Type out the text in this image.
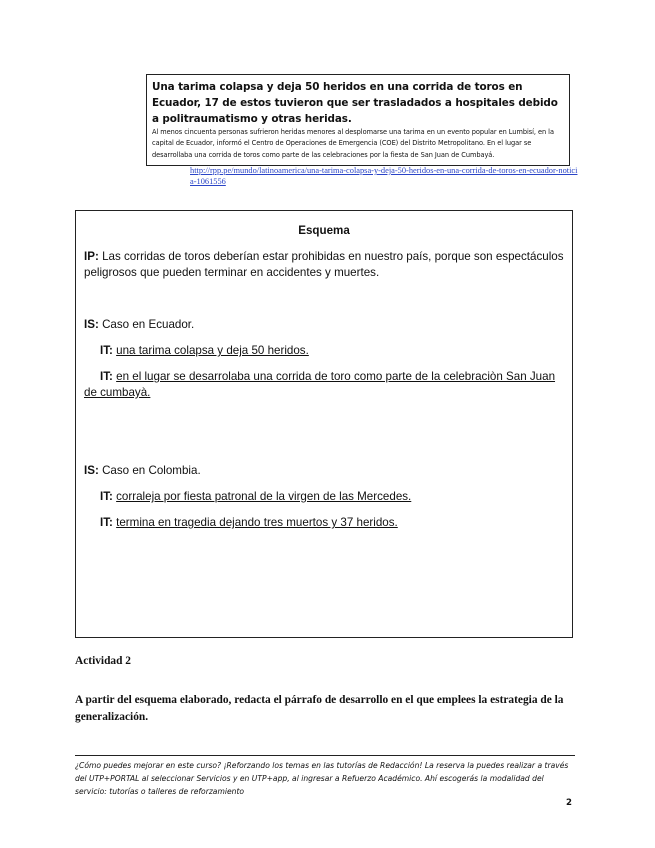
Una tarima colapsa y deja 50 heridos en una corrida de toros en Ecuador, 17 de estos tuvieron que ser trasladados a hospitales debido a politraumatismo y otras heridas.

Al menos cincuenta personas sufrieron heridas menores al desplomarse una tarima en un evento popular en Lumbisí, en la capital de Ecuador, informó el Centro de Operaciones de Emergencia (COE) del Distrito Metropolitano. En el lugar se desarrollaba una corrida de toros como parte de las celebraciones por la fiesta de San Juan de Cumbayá.

http://rpp.pe/mundo/latinoamerica/una-tarima-colapsa-y-deja-50-heridos-en-una-corrida-de-toros-en-ecuador-noticia-1061556
Esquema
IP: Las corridas de toros deberían estar prohibidas en nuestro país, porque son espectáculos peligrosos que pueden terminar en accidentes y muertes.
IS: Caso en Ecuador.
IT: una tarima colapsa y deja 50 heridos.
IT: en el lugar se desarrolaba una corrida de toro como parte de la celebraciòn San Juan de cumbayà.
IS: Caso en Colombia.
IT: corraleja por fiesta patronal de la virgen de las Mercedes.
IT: termina en tragedia dejando tres muertos y 37 heridos.
Actividad 2
A partir del esquema elaborado, redacta el párrafo de desarrollo en el que emplees la estrategia de la generalización.
¿Cómo puedes mejorar en este curso? ¡Reforzando los temas en las tutorías de Redacción! La reserva la puedes realizar a través del UTP+PORTAL al seleccionar Servicios y en UTP+app, al ingresar a Refuerzo Académico. Ahí escogerás la modalidad del servicio: tutorías o talleres de reforzamiento
2
